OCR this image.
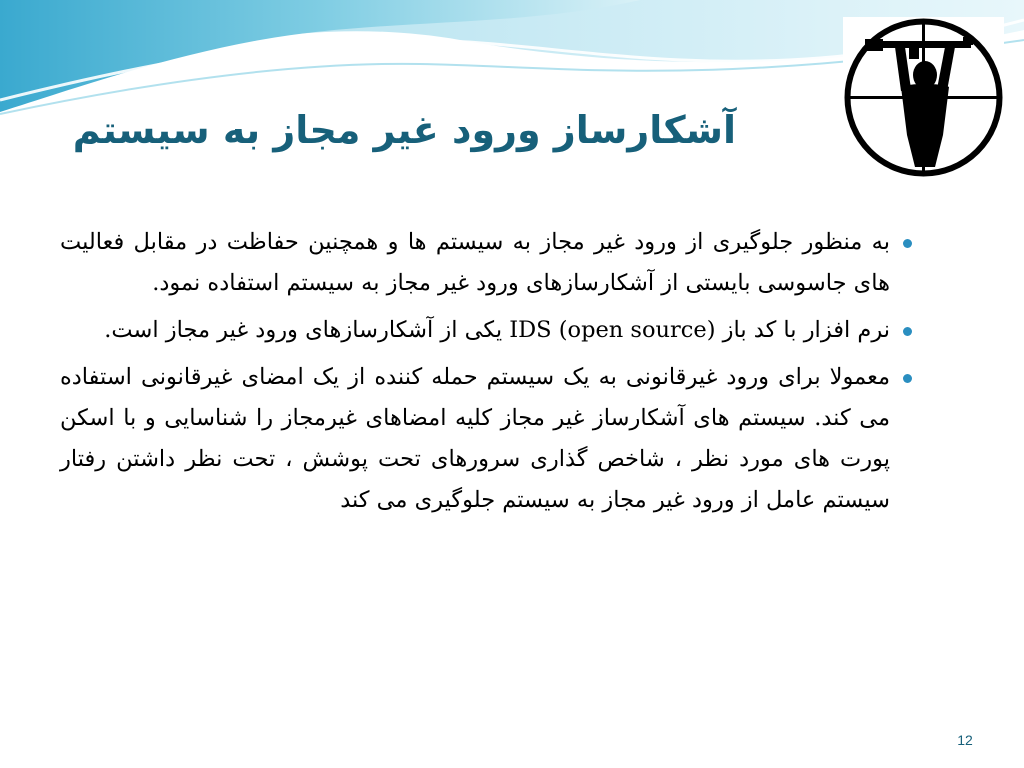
آشکارساز ورود غیر مجاز به سیستم
به منظور جلوگیری از ورود غیر مجاز به سیستم ها و همچنین حفاظت در مقابل فعالیت های جاسوسی بایستی از آشکارسازهای ورود غیر مجاز به سیستم استفاده نمود.
نرم افزار با کد باز (IDS (open source یکی از آشکارسازهای ورود غیر مجاز است.
معمولا برای ورود غیرقانونی به یک سیستم حمله کننده از یک امضای غیرقانونی استفاده می کند. سیستم های آشکارساز غیر مجاز کلیه امضاهای غیرمجاز را شناسایی و با اسکن پورت های مورد نظر ، شاخص گذاری سرورهای تحت پوشش ، تحت نظر داشتن رفتار سیستم عامل از ورود غیر مجاز به سیستم جلوگیری می کند
12
